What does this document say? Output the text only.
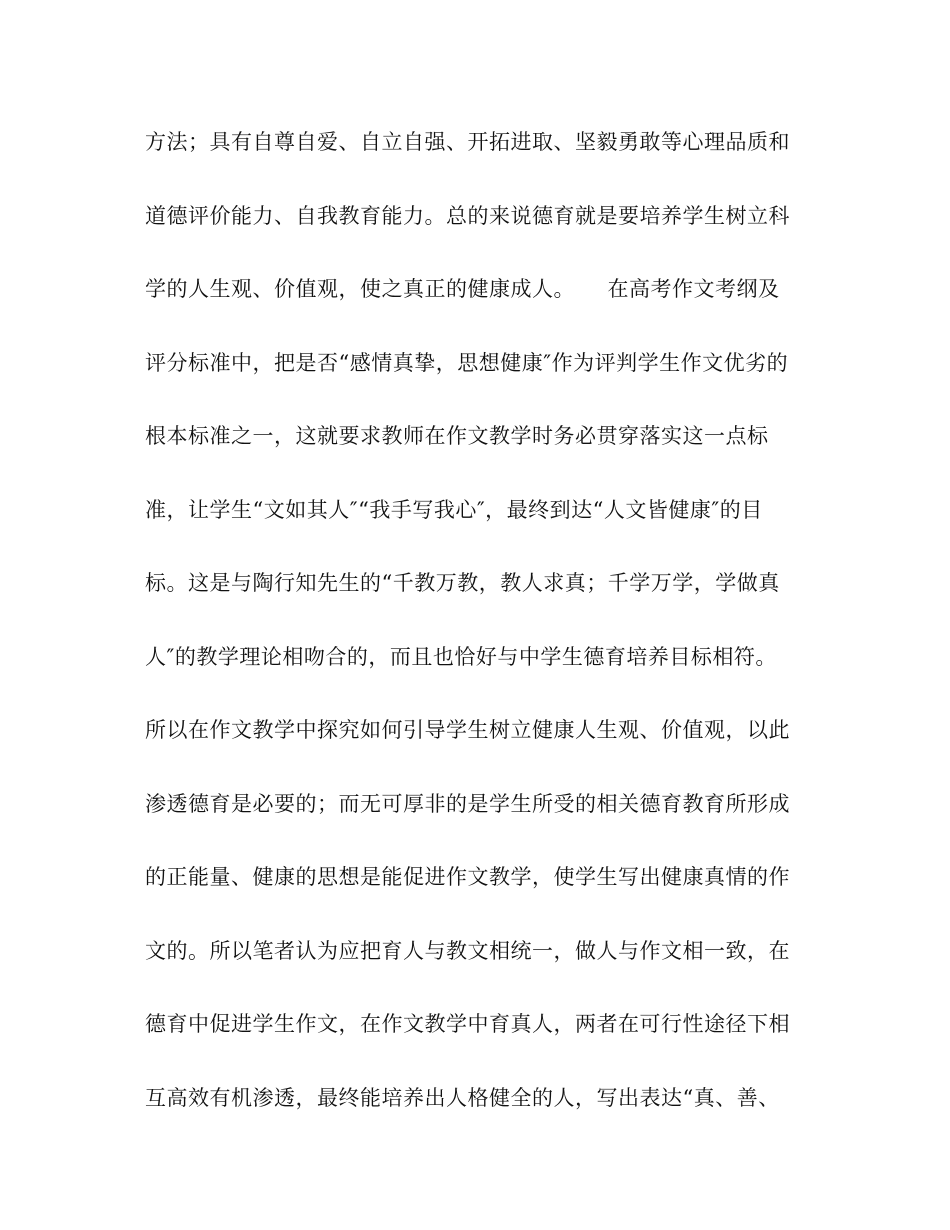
方法；具有自尊自爱、自立自强、开拓进取、坚毅勇敢等心理品质和
道德评价能力、自我教育能力。总的来说德育就是要培养学生树立科
学的人生观、价值观，使之真正的健康成人。　　在高考作文考纲及
评分标准中，把是否“感情真挚，思想健康″作为评判学生作文优劣的
根本标准之一，这就要求教师在作文教学时务必贯穿落实这一点标
准，让学生“文如其人″“我手写我心″，最终到达“人文皆健康″的目
标。这是与陶行知先生的“千教万教，教人求真；千学万学，学做真
人″的教学理论相吻合的，而且也恰好与中学生德育培养目标相符。
所以在作文教学中探究如何引导学生树立健康人生观、价值观，以此
渗透德育是必要的；而无可厚非的是学生所受的相关德育教育所形成
的正能量、健康的思想是能促进作文教学，使学生写出健康真情的作
文的。所以笔者认为应把育人与教文相统一，做人与作文相一致，在
德育中促进学生作文，在作文教学中育真人，两者在可行性途径下相
互高效有机渗透，最终能培养出人格健全的人，写出表达“真、善、
